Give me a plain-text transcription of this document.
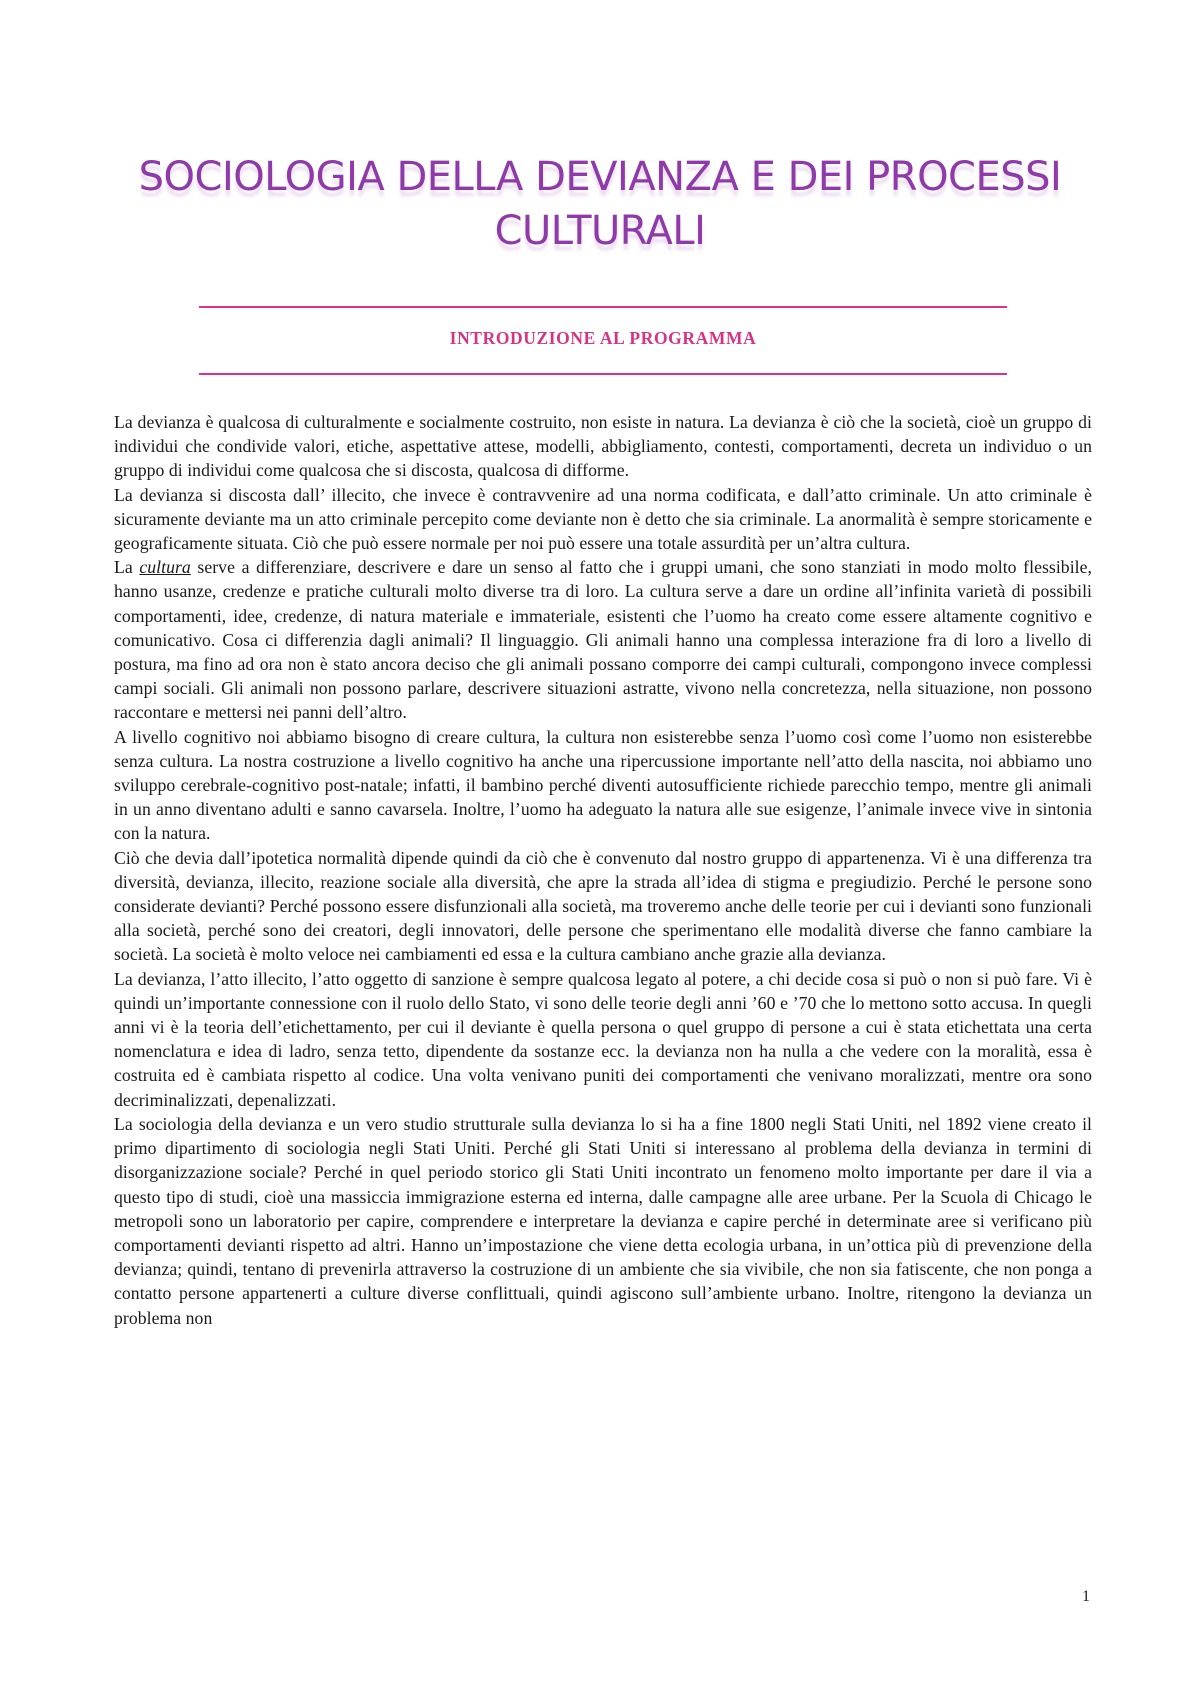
SOCIOLOGIA DELLA DEVIANZA E DEI PROCESSI CULTURALI
INTRODUZIONE AL PROGRAMMA

La devianza è qualcosa di culturalmente e socialmente costruito, non esiste in natura. La devianza è ciò che la società, cioè un gruppo di individui che condivide valori, etiche, aspettative attese, modelli, abbigliamento, contesti, comportamenti, decreta un individuo o un gruppo di individui come qualcosa che si discosta, qualcosa di difforme.

La devianza si discosta dall’ illecito, che invece è contravvenire ad una norma codificata, e dall’atto criminale. Un atto criminale è sicuramente deviante ma un atto criminale percepito come deviante non è detto che sia criminale. La anormalità è sempre storicamente e geograficamente situata. Ciò che può essere normale per noi può essere una totale assurdità per un’altra cultura.

La cultura serve a differenziare, descrivere e dare un senso al fatto che i gruppi umani, che sono stanziati in modo molto flessibile, hanno usanze, credenze e pratiche culturali molto diverse tra di loro. La cultura serve a dare un ordine all’infinita varietà di possibili comportamenti, idee, credenze, di natura materiale e immateriale, esistenti che l’uomo ha creato come essere altamente cognitivo e comunicativo. Cosa ci differenzia dagli animali? Il linguaggio. Gli animali hanno una complessa interazione fra di loro a livello di postura, ma fino ad ora non è stato ancora deciso che gli animali possano comporre dei campi culturali, compongono invece complessi campi sociali. Gli animali non possono parlare, descrivere situazioni astratte, vivono nella concretezza, nella situazione, non possono raccontare e mettersi nei panni dell’altro.

A livello cognitivo noi abbiamo bisogno di creare cultura, la cultura non esisterebbe senza l’uomo così come l’uomo non esisterebbe senza cultura. La nostra costruzione a livello cognitivo ha anche una ripercussione importante nell’atto della nascita, noi abbiamo uno sviluppo cerebrale-cognitivo post-natale; infatti, il bambino perché diventi autosufficiente richiede parecchio tempo, mentre gli animali in un anno diventano adulti e sanno cavarsela. Inoltre, l’uomo ha adeguato la natura alle sue esigenze, l’animale invece vive in sintonia con la natura.

Ciò che devia dall’ipotetica normalità dipende quindi da ciò che è convenuto dal nostro gruppo di appartenenza. Vi è una differenza tra diversità, devianza, illecito, reazione sociale alla diversità, che apre la strada all’idea di stigma e pregiudizio. Perché le persone sono considerate devianti? Perché possono essere disfunzionali alla società, ma troveremo anche delle teorie per cui i devianti sono funzionali alla società, perché sono dei creatori, degli innovatori, delle persone che sperimentano elle modalità diverse che fanno cambiare la società. La società è molto veloce nei cambiamenti ed essa e la cultura cambiano anche grazie alla devianza.

La devianza, l’atto illecito, l’atto oggetto di sanzione è sempre qualcosa legato al potere, a chi decide cosa si può o non si può fare. Vi è quindi un’importante connessione con il ruolo dello Stato, vi sono delle teorie degli anni ’60 e ’70 che lo mettono sotto accusa. In quegli anni vi è la teoria dell’etichettamento, per cui il deviante è quella persona o quel gruppo di persone a cui è stata etichettata una certa nomenclatura e idea di ladro, senza tetto, dipendente da sostanze ecc. la devianza non ha nulla a che vedere con la moralità, essa è costruita ed è cambiata rispetto al codice. Una volta venivano puniti dei comportamenti che venivano moralizzati, mentre ora sono decriminalizzati, depenalizzati.

La sociologia della devianza e un vero studio strutturale sulla devianza lo si ha a fine 1800 negli Stati Uniti, nel 1892 viene creato il primo dipartimento di sociologia negli Stati Uniti. Perché gli Stati Uniti si interessano al problema della devianza in termini di disorganizzazione sociale? Perché in quel periodo storico gli Stati Uniti incontrato un fenomeno molto importante per dare il via a questo tipo di studi, cioè una massiccia immigrazione esterna ed interna, dalle campagne alle aree urbane. Per la Scuola di Chicago le metropoli sono un laboratorio per capire, comprendere e interpretare la devianza e capire perché in determinate aree si verificano più comportamenti devianti rispetto ad altri. Hanno un’impostazione che viene detta ecologia urbana, in un’ottica più di prevenzione della devianza; quindi, tentano di prevenirla attraverso la costruzione di un ambiente che sia vivibile, che non sia fatiscente, che non ponga a contatto persone appartenerti a culture diverse conflittuali, quindi agiscono sull’ambiente urbano. Inoltre, ritengono la devianza un problema non

1
